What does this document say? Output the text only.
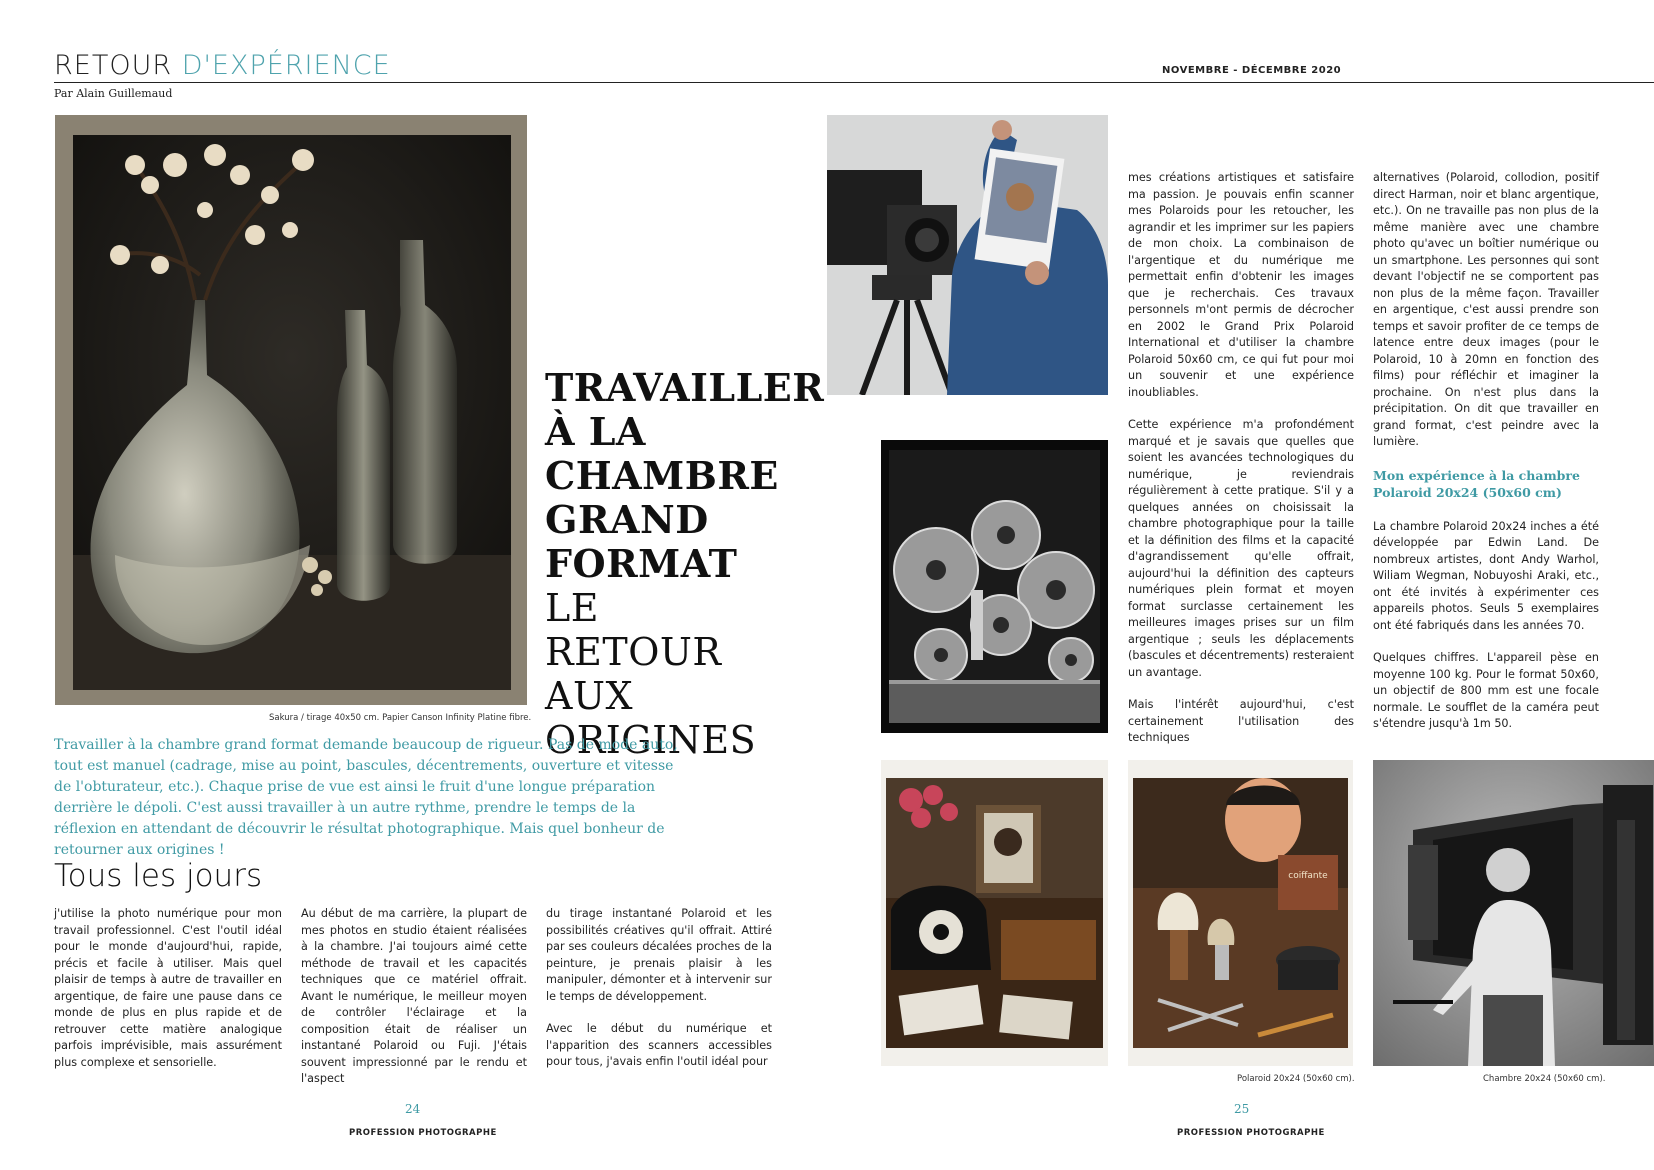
RETOUR D'EXPÉRIENCE
Par Alain Guillemaud
NOVEMBRE - DÉCEMBRE 2020
Sakura / tirage 40x50 cm. Papier Canson Infinity Platine fibre.
TRAVAILLER
À LA
CHAMBRE
GRAND
FORMAT
LE RETOUR
AUX
ORIGINES
Travailler à la chambre grand format demande beaucoup de rigueur. Pas de mode auto, tout est manuel (cadrage, mise au point, bascules, décentrements, ouverture et vitesse de l'obturateur, etc.). Chaque prise de vue est ainsi le fruit d'une longue préparation derrière le dépoli. C'est aussi travailler à un autre rythme, prendre le temps de la réflexion en attendant de découvrir le résultat photographique. Mais quel bonheur de retourner aux origines !
Tous les jours

j'utilise la photo numérique pour mon travail professionnel. C'est l'outil idéal pour le monde d'aujourd'hui, rapide, précis et facile à utiliser. Mais quel plaisir de temps à autre de travailler en argentique, de faire une pause dans ce monde de plus en plus rapide et de retrouver cette matière analogique parfois imprévisible, mais assurément plus complexe et sensorielle.

Au début de ma carrière, la plupart de mes photos en studio étaient réalisées à la chambre. J'ai toujours aimé cette méthode de travail et les capacités techniques que ce matériel offrait. Avant le numérique, le meilleur moyen de contrôler l'éclairage et la composition était de réaliser un instantané Polaroid ou Fuji. J'étais souvent impressionné par le rendu et l'aspect

du tirage instantané Polaroid et les possibilités créatives qu'il offrait. Attiré par ses couleurs décalées proches de la peinture, je prenais plaisir à les manipuler, démonter et à intervenir sur le temps de développement.

Avec le début du numérique et l'apparition des scanners accessibles pour tous, j'avais enfin l'outil idéal pour

24
PROFESSION PHOTOGRAPHE
coiffante
Polaroid 20x24 (50x60 cm).	Chambre 20x24 (50x60 cm).

mes créations artistiques et satisfaire ma passion. Je pouvais enfin scanner mes Polaroids pour les retoucher, les agrandir et les imprimer sur les papiers de mon choix. La combinaison de l'argentique et du numérique me permettait enfin d'obtenir les images que je recherchais. Ces travaux personnels m'ont permis de décrocher en 2002 le Grand Prix Polaroid International et d'utiliser la chambre Polaroid 50x60 cm, ce qui fut pour moi un souvenir et une expérience inoubliables.

Cette expérience m'a profondément marqué et je savais que quelles que soient les avancées technologiques du numérique, je reviendrais régulièrement à cette pratique. S'il y a quelques années on choisissait la chambre photographique pour la taille et la définition des films et la capacité d'agrandissement qu'elle offrait, aujourd'hui la définition des capteurs numériques plein format et moyen format surclasse certainement les meilleures images prises sur un film argentique ; seuls les déplacements (bascules et décentrements) resteraient un avantage.

Mais l'intérêt aujourd'hui, c'est certainement l'utilisation des techniques

alternatives (Polaroid, collodion, positif direct Harman, noir et blanc argentique, etc.). On ne travaille pas non plus de la même manière avec une chambre photo qu'avec un boîtier numérique ou un smartphone. Les personnes qui sont devant l'objectif ne se comportent pas non plus de la même façon. Travailler en argentique, c'est aussi prendre son temps et savoir profiter de ce temps de latence entre deux images (pour le Polaroid, 10 à 20mn en fonction des films) pour réfléchir et imaginer la prochaine. On n'est plus dans la précipitation. On dit que travailler en grand format, c'est peindre avec la lumière.

Mon expérience à la chambre Polaroid 20x24 (50x60 cm)

La chambre Polaroid 20x24 inches a été développée par Edwin Land. De nombreux artistes, dont Andy Warhol, Wiliam Wegman, Nobuyoshi Araki, etc., ont été invités à expérimenter ces appareils photos. Seuls 5 exemplaires ont été fabriqués dans les années 70.

Quelques chiffres. L'appareil pèse en moyenne 100 kg. Pour le format 50x60, un objectif de 800 mm est une focale normale. Le soufflet de la caméra peut s'étendre jusqu'à 1m 50.

25
PROFESSION PHOTOGRAPHE
